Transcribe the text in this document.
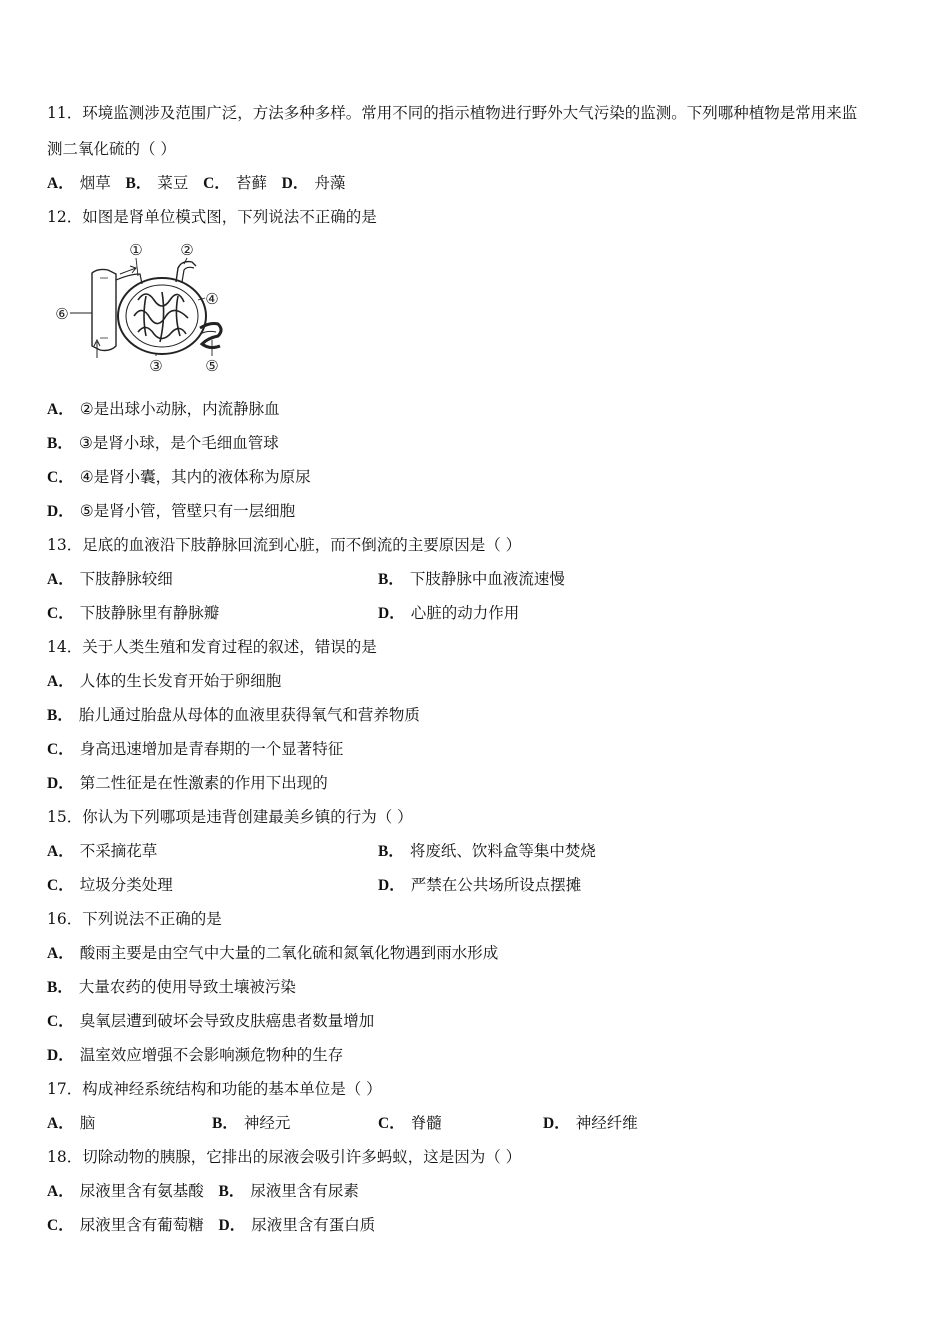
11．环境监测涉及范围广泛，方法多种多样。常用不同的指示植物进行野外大气污染的监测。下列哪种植物是常用来监
测二氧化硫的（ ）
A． 烟草 B． 菜豆 C． 苔藓 D． 舟藻
12．如图是肾单位模式图，下列说法不正确的是
①	②
③
④
⑤
⑥
A． ②是出球小动脉，内流静脉血
B． ③是肾小球，是个毛细血管球
C． ④是肾小囊，其内的液体称为原尿
D． ⑤是肾小管，管壁只有一层细胞
13．足底的血液沿下肢静脉回流到心脏，而不倒流的主要原因是（ ）
A． 下肢静脉较细	B． 下肢静脉中血液流速慢
C． 下肢静脉里有静脉瓣	D． 心脏的动力作用
14．关于人类生殖和发育过程的叙述，错误的是
A． 人体的生长发育开始于卵细胞
B． 胎儿通过胎盘从母体的血液里获得氧气和营养物质
C． 身高迅速增加是青春期的一个显著特征
D． 第二性征是在性激素的作用下出现的
15．你认为下列哪项是违背创建最美乡镇的行为（ ）
A． 不采摘花草	B． 将废纸、饮料盒等集中焚烧
C． 垃圾分类处理	D． 严禁在公共场所设点摆摊
16．下列说法不正确的是
A． 酸雨主要是由空气中大量的二氧化硫和氮氧化物遇到雨水形成
B． 大量农药的使用导致土壤被污染
C． 臭氧层遭到破坏会导致皮肤癌患者数量增加
D． 温室效应增强不会影响濒危物种的生存
17．构成神经系统结构和功能的基本单位是（ ）
A． 脑	B． 神经元	C． 脊髓	D． 神经纤维
18．切除动物的胰腺，它排出的尿液会吸引许多蚂蚁，这是因为（ ）
A． 尿液里含有氨基酸 B． 尿液里含有尿素
C． 尿液里含有葡萄糖 D． 尿液里含有蛋白质
